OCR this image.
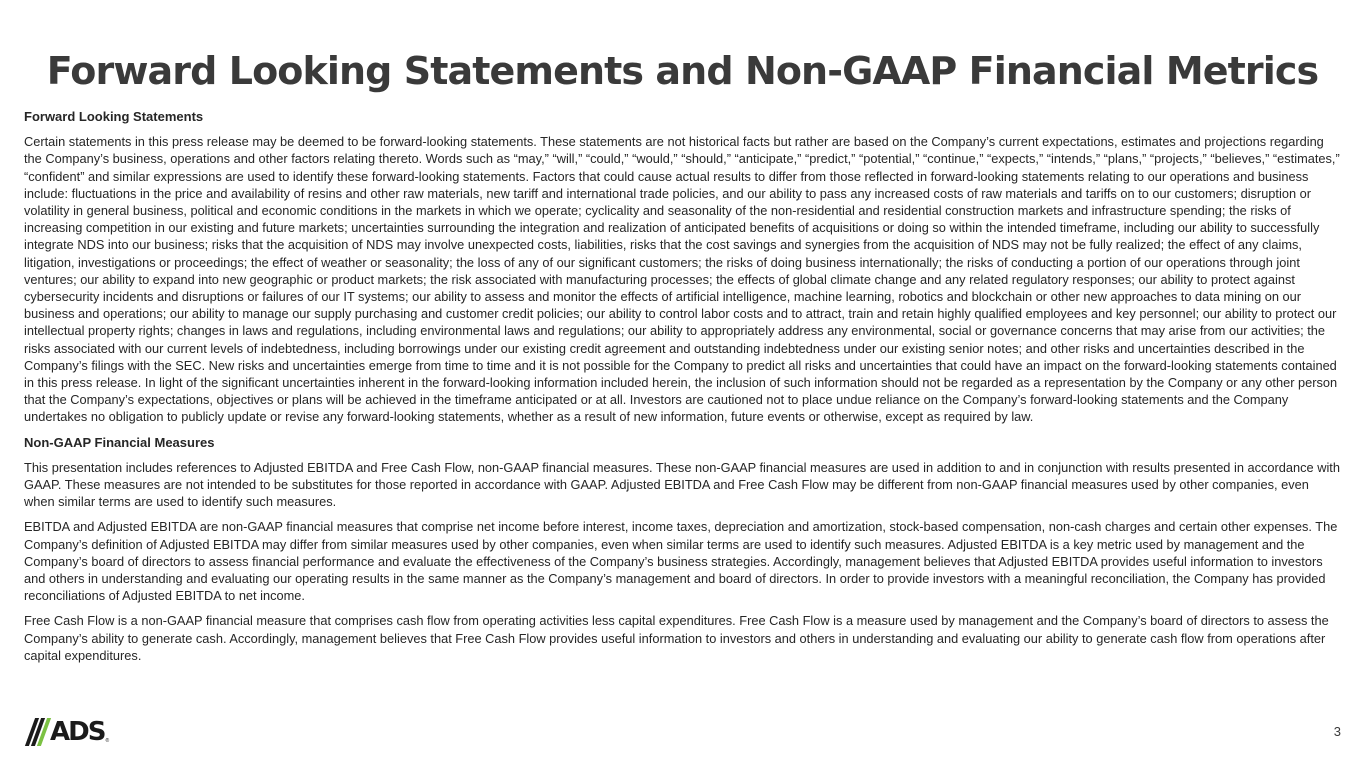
Forward Looking Statements and Non-GAAP Financial Metrics
Forward Looking Statements

Certain statements in this press release may be deemed to be forward-looking statements. These statements are not historical facts but rather are based on the Company’s current expectations, estimates and projections regarding the Company’s business, operations and other factors relating thereto. Words such as “may,” “will,” “could,” “would,” “should,” “anticipate,” “predict,” “potential,” “continue,” “expects,” “intends,” “plans,” “projects,” “believes,” “estimates,” “confident” and similar expressions are used to identify these forward-looking statements. Factors that could cause actual results to differ from those reflected in forward-looking statements relating to our operations and business include: fluctuations in the price and availability of resins and other raw materials, new tariff and international trade policies, and our ability to pass any increased costs of raw materials and tariffs on to our customers; disruption or volatility in general business, political and economic conditions in the markets in which we operate; cyclicality and seasonality of the non-residential and residential construction markets and infrastructure spending; the risks of increasing competition in our existing and future markets; uncertainties surrounding the integration and realization of anticipated benefits of acquisitions or doing so within the intended timeframe, including our ability to successfully integrate NDS into our business; risks that the acquisition of NDS may involve unexpected costs, liabilities, risks that the cost savings and synergies from the acquisition of NDS may not be fully realized; the effect of any claims, litigation, investigations or proceedings; the effect of weather or seasonality; the loss of any of our significant customers; the risks of doing business internationally; the risks of conducting a portion of our operations through joint ventures; our ability to expand into new geographic or product markets; the risk associated with manufacturing processes; the effects of global climate change and any related regulatory responses; our ability to protect against cybersecurity incidents and disruptions or failures of our IT systems; our ability to assess and monitor the effects of artificial intelligence, machine learning, robotics and blockchain or other new approaches to data mining on our business and operations; our ability to manage our supply purchasing and customer credit policies; our ability to control labor costs and to attract, train and retain highly qualified employees and key personnel; our ability to protect our intellectual property rights; changes in laws and regulations, including environmental laws and regulations; our ability to appropriately address any environmental, social or governance concerns that may arise from our activities; the risks associated with our current levels of indebtedness, including borrowings under our existing credit agreement and outstanding indebtedness under our existing senior notes; and other risks and uncertainties described in the Company’s filings with the SEC. New risks and uncertainties emerge from time to time and it is not possible for the Company to predict all risks and uncertainties that could have an impact on the forward-looking statements contained in this press release. In light of the significant uncertainties inherent in the forward-looking information included herein, the inclusion of such information should not be regarded as a representation by the Company or any other person that the Company’s expectations, objectives or plans will be achieved in the timeframe anticipated or at all. Investors are cautioned not to place undue reliance on the Company’s forward-looking statements and the Company undertakes no obligation to publicly update or revise any forward-looking statements, whether as a result of new information, future events or otherwise, except as required by law.

Non-GAAP Financial Measures

This presentation includes references to Adjusted EBITDA and Free Cash Flow, non-GAAP financial measures. These non-GAAP financial measures are used in addition to and in conjunction with results presented in accordance with GAAP. These measures are not intended to be substitutes for those reported in accordance with GAAP. Adjusted EBITDA and Free Cash Flow may be different from non-GAAP financial measures used by other companies, even when similar terms are used to identify such measures.

EBITDA and Adjusted EBITDA are non-GAAP financial measures that comprise net income before interest, income taxes, depreciation and amortization, stock-based compensation, non-cash charges and certain other expenses. The Company’s definition of Adjusted EBITDA may differ from similar measures used by other companies, even when similar terms are used to identify such measures. Adjusted EBITDA is a key metric used by management and the Company’s board of directors to assess financial performance and evaluate the effectiveness of the Company’s business strategies. Accordingly, management believes that Adjusted EBITDA provides useful information to investors and others in understanding and evaluating our operating results in the same manner as the Company’s management and board of directors. In order to provide investors with a meaningful reconciliation, the Company has provided reconciliations of Adjusted EBITDA to net income.

Free Cash Flow is a non-GAAP financial measure that comprises cash flow from operating activities less capital expenditures. Free Cash Flow is a measure used by management and the Company’s board of directors to assess the Company’s ability to generate cash. Accordingly, management believes that Free Cash Flow provides useful information to investors and others in understanding and evaluating our ability to generate cash flow from operations after capital expenditures.

ADS ®
3
